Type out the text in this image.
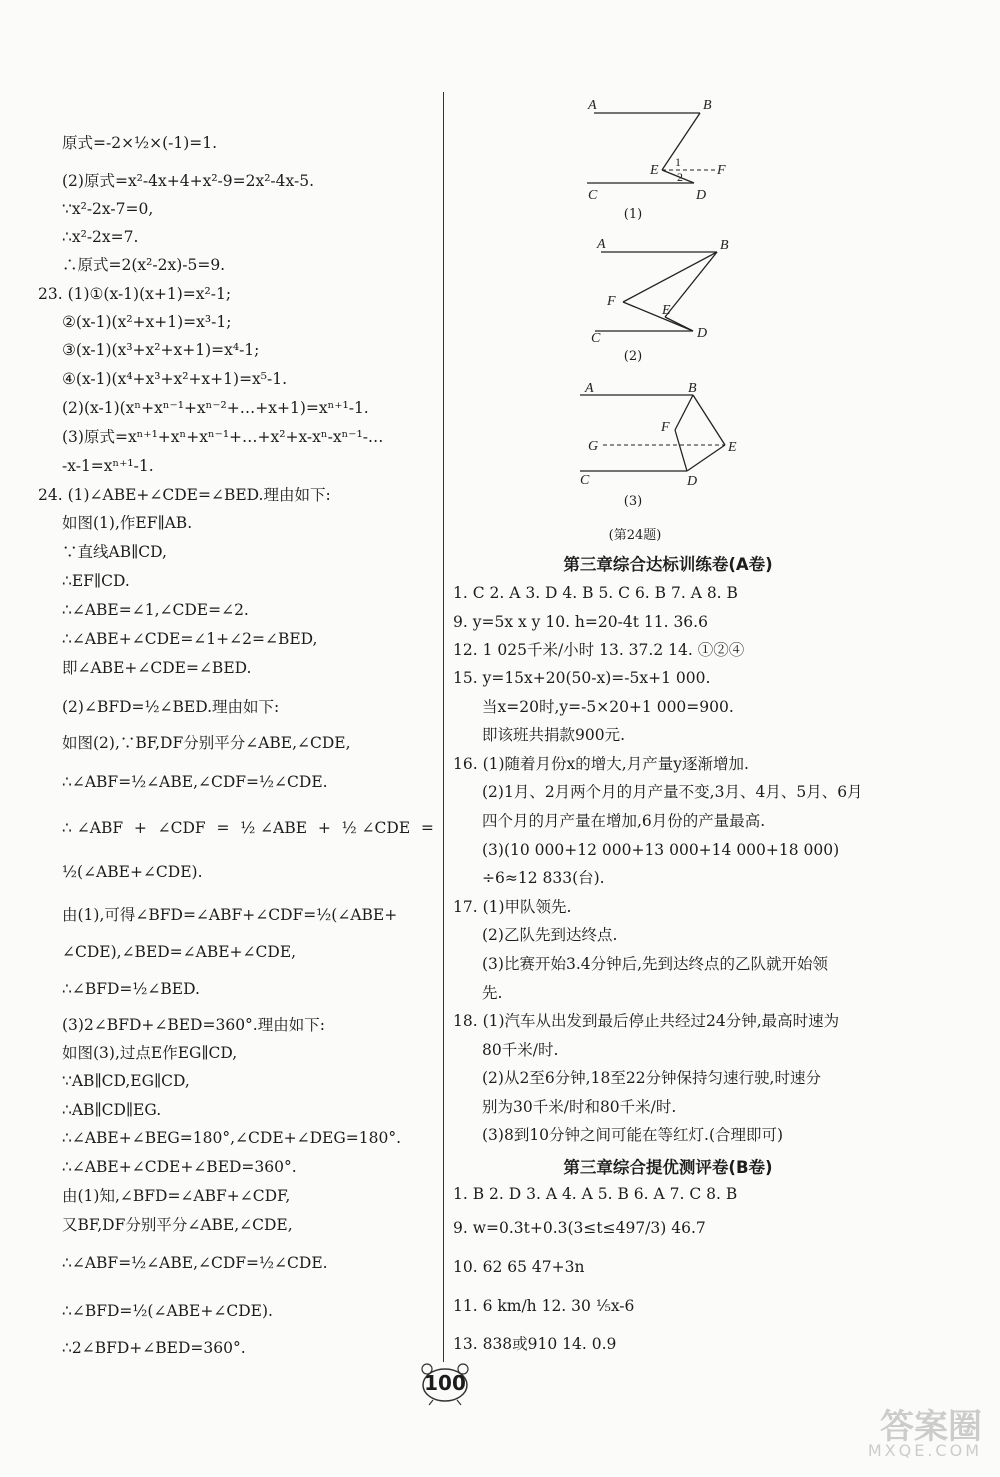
原式=-2×½×(-1)=1.
(2)原式=x²-4x+4+x²-9=2x²-4x-5.
∵x²-2x-7=0,
∴x²-2x=7.
∴原式=2(x²-2x)-5=9.
23. (1)①(x-1)(x+1)=x²-1;
②(x-1)(x²+x+1)=x³-1;
③(x-1)(x³+x²+x+1)=x⁴-1;
④(x-1)(x⁴+x³+x²+x+1)=x⁵-1.
(2)(x-1)(xⁿ+xⁿ⁻¹+xⁿ⁻²+…+x+1)=xⁿ⁺¹-1.
(3)原式=xⁿ⁺¹+xⁿ+xⁿ⁻¹+…+x²+x-xⁿ-xⁿ⁻¹-…
-x-1=xⁿ⁺¹-1.
24. (1)∠ABE+∠CDE=∠BED.理由如下:
如图(1),作EF∥AB.
∵直线AB∥CD,
∴EF∥CD.
∴∠ABE=∠1,∠CDE=∠2.
∴∠ABE+∠CDE=∠1+∠2=∠BED,
即∠ABE+∠CDE=∠BED.
(2)∠BFD=½∠BED.理由如下:
如图(2),∵BF,DF分别平分∠ABE,∠CDE,
∴∠ABF=½∠ABE,∠CDF=½∠CDE.
∴ ∠ABF + ∠CDF = ½ ∠ABE + ½ ∠CDE =
½(∠ABE+∠CDE).
由(1),可得∠BFD=∠ABF+∠CDF=½(∠ABE+
∠CDE),∠BED=∠ABE+∠CDE,
∴∠BFD=½∠BED.
(3)2∠BFD+∠BED=360°.理由如下:
如图(3),过点E作EG∥CD,
∵AB∥CD,EG∥CD,
∴AB∥CD∥EG.
∴∠ABE+∠BEG=180°,∠CDE+∠DEG=180°.
∴∠ABE+∠CDE+∠BED=360°.
由(1)知,∠BFD=∠ABF+∠CDF,
又BF,DF分别平分∠ABE,∠CDE,
∴∠ABF=½∠ABE,∠CDF=½∠CDE.
∴∠BFD=½(∠ABE+∠CDE).
∴2∠BFD+∠BED=360°.
A	B
E	F
C	D
1
2
(1)
A	B
F
E
C	D
(2)
A	B
F
G	E
C	D
(3)
(第24题)
第三章综合达标训练卷(A卷)
1. C 2. A 3. D 4. B 5. C 6. B 7. A 8. B
9. y=5x x y 10. h=20-4t 11. 36.6
12. 1 025千米/小时 13. 37.2 14. ①②④
15. y=15x+20(50-x)=-5x+1 000.
当x=20时,y=-5×20+1 000=900.
即该班共捐款900元.
16. (1)随着月份x的增大,月产量y逐渐增加.
(2)1月、2月两个月的月产量不变,3月、4月、5月、6月
四个月的月产量在增加,6月份的产量最高.
(3)(10 000+12 000+13 000+14 000+18 000)
÷6≈12 833(台).
17. (1)甲队领先.
(2)乙队先到达终点.
(3)比赛开始3.4分钟后,先到达终点的乙队就开始领
先.
18. (1)汽车从出发到最后停止共经过24分钟,最高时速为
80千米/时.
(2)从2至6分钟,18至22分钟保持匀速行驶,时速分
别为30千米/时和80千米/时.
(3)8到10分钟之间可能在等红灯.(合理即可)
第三章综合提优测评卷(B卷)
1. B 2. D 3. A 4. A 5. B 6. A 7. C 8. B
9. w=0.3t+0.3(3≤t≤497/3) 46.7
10. 62 65 47+3n
11. 6 km/h 12. 30 ⅕x-6
13. 838或910 14. 0.9
100
答案圈
MXQE.COM
